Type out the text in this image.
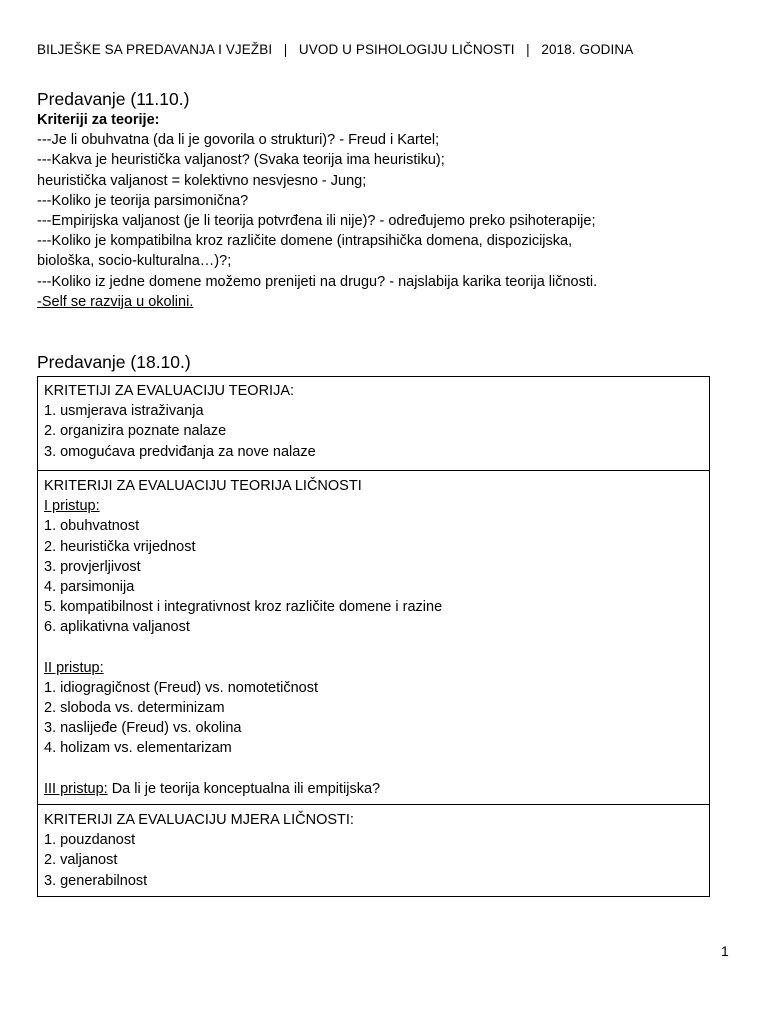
BILJEŠKE SA PREDAVANJA I VJEŽBI   |   UVOD U PSIHOLOGIJU LIČNOSTI   |   2018. GODINA
Predavanje (11.10.)
Kriteriji za teorije:
---Je li obuhvatna (da li je govorila o strukturi)? - Freud i Kartel;
---Kakva je heuristička valjanost? (Svaka teorija ima heuristiku);
heuristička valjanost = kolektivno nesvjesno - Jung;
---Koliko je teorija parsimonična?
---Empirijska valjanost (je li teorija potvrđena ili nije)? - određujemo preko psihoterapije;
---Koliko je kompatibilna kroz različite domene (intrapsihička domena, dispozicijska,
biološka, socio-kulturalna…)?;
---Koliko iz jedne domene možemo prenijeti na drugu? - najslabija karika teorija ličnosti.
-Self se razvija u okolini.
Predavanje (18.10.)
KRITETIJI ZA EVALUACIJU TEORIJA:
1. usmjerava istraživanja
2. organizira poznate nalaze
3. omogućava predviđanja za nove nalaze
KRITERIJI ZA EVALUACIJU TEORIJA LIČNOSTI
I pristup:
1. obuhvatnost
2. heuristička vrijednost
3. provjerljivost
4. parsimonija
5. kompatibilnost i integrativnost kroz različite domene i razine
6. aplikativna valjanost
II pristup:
1. idiogragičnost (Freud) vs. nomotetičnost
2. sloboda vs. determinizam
3. naslijeđe (Freud) vs. okolina
4. holizam vs. elementarizam
III pristup: Da li je teorija konceptualna ili empitijska?
KRITERIJI ZA EVALUACIJU MJERA LIČNOSTI:
1. pouzdanost
2. valjanost
3. generabilnost
1
